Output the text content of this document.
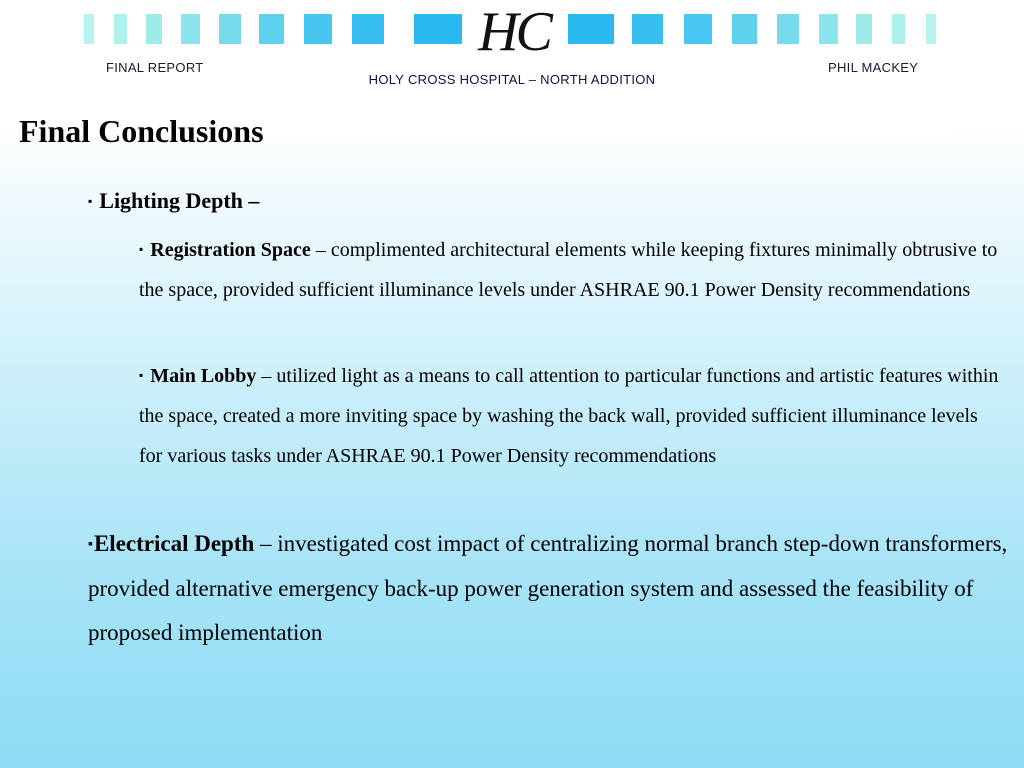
HC
FINAL REPORT	PHIL MACKEY
HOLY CROSS HOSPITAL – NORTH ADDITION
Final Conclusions
▪ Lighting Depth –
▪ Registration Space – complimented architectural elements while keeping fixtures minimally obtrusive to the space, provided sufficient illuminance levels under ASHRAE 90.1 Power Density recommendations
▪ Main Lobby – utilized light as a means to call attention to particular functions and artistic features within the space, created a more inviting space by washing the back wall, provided sufficient illuminance levels for various tasks under ASHRAE 90.1 Power Density recommendations
▪Electrical Depth – investigated cost impact of centralizing normal branch step-down transformers, provided alternative emergency back-up power generation system and assessed the feasibility of proposed implementation
